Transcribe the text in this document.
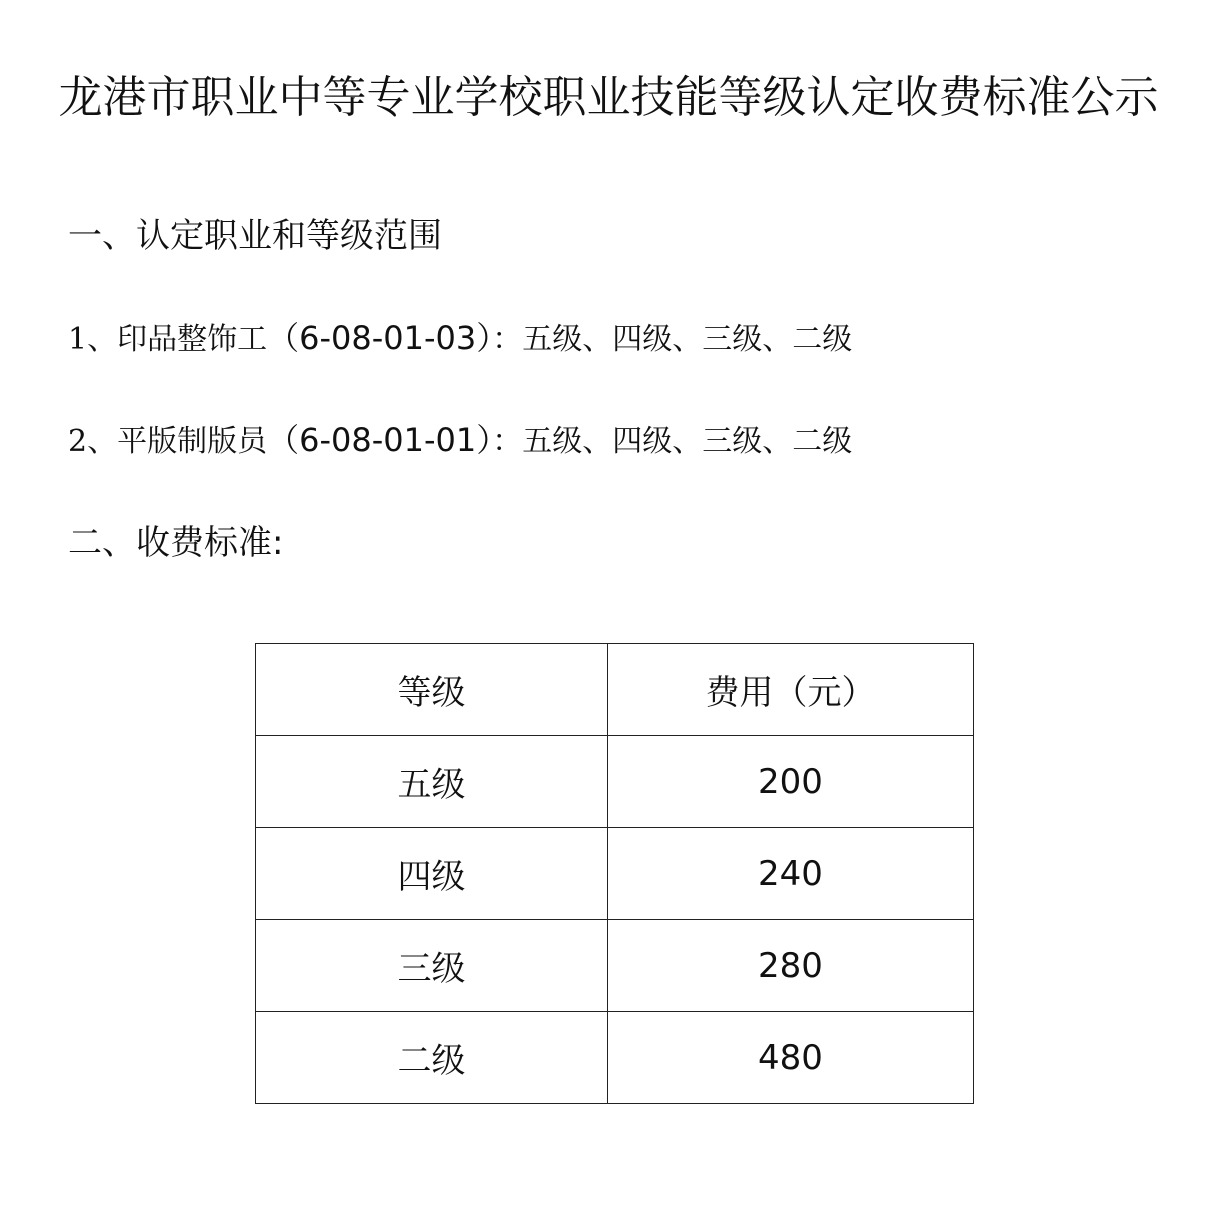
龙港市职业中等专业学校职业技能等级认定收费标准公示
一、认定职业和等级范围
1、印品整饰工（6-08-01-03）：五级、四级、三级、二级
2、平版制版员（6-08-01-01）：五级、四级、三级、二级
二、收费标准:
等级	费用（元）
五级	200
四级	240
三级	280
二级	480
